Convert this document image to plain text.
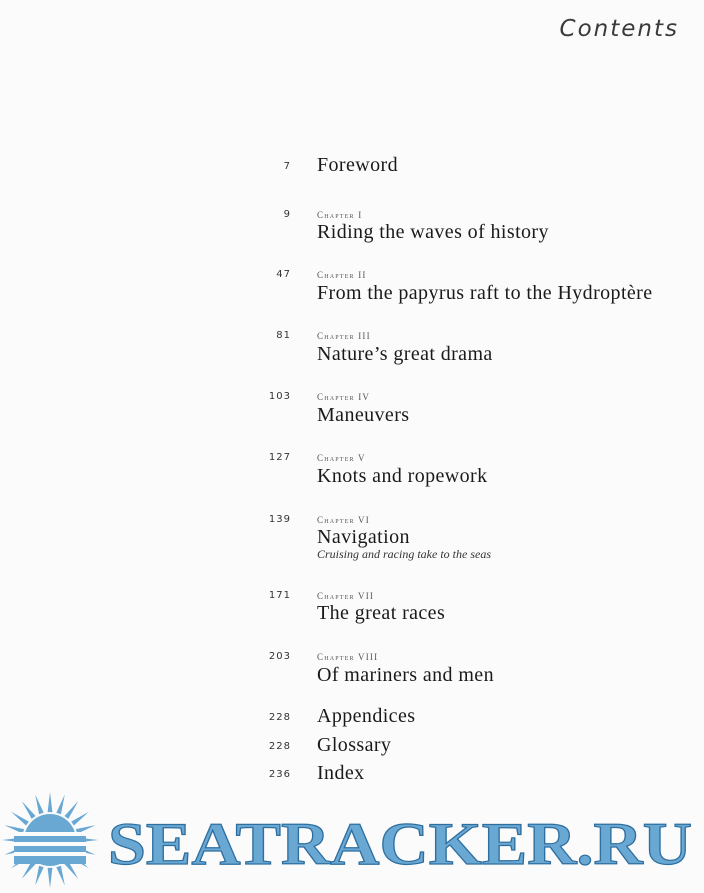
Contents
7 Foreword
9	Chapter I
Riding the waves of history
47	Chapter II
From the papyrus raft to the Hydroptère
81	Chapter III
Nature’s great drama
103	Chapter IV
Maneuvers
127	Chapter V
Knots and ropework
139	Chapter VI
Navigation
Cruising and racing take to the seas
171	Chapter VII
The great races
203	Chapter VIII
Of mariners and men
228 Appendices
228 Glossary
236 Index
SEATRACKER.RU
